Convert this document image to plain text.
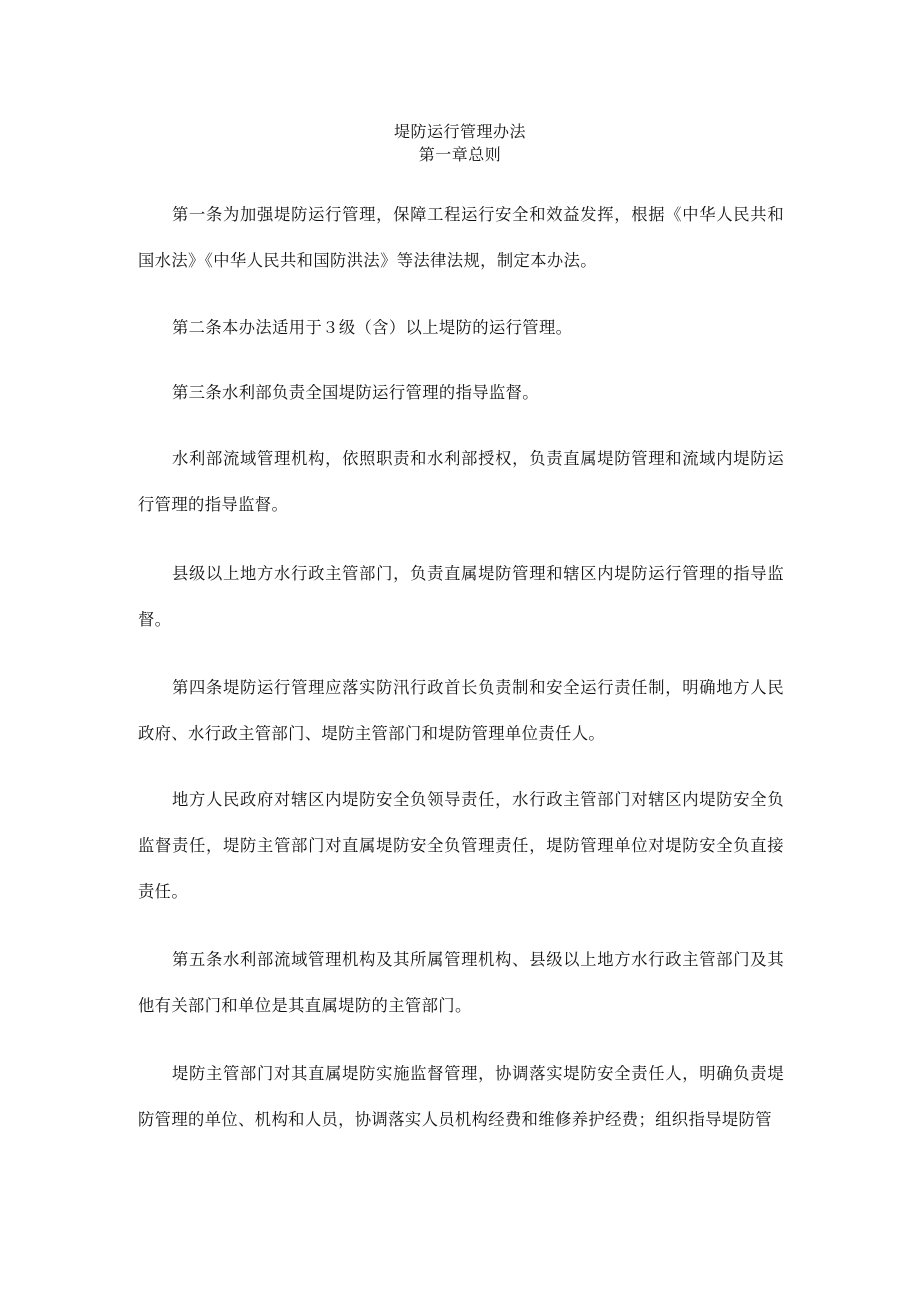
堤防运行管理办法
第一章总则

第一条为加强堤防运行管理，保障工程运行安全和效益发挥，根据《中华人民共和国水法》《中华人民共和国防洪法》等法律法规，制定本办法。

第二条本办法适用于３级（含）以上堤防的运行管理。

第三条水利部负责全国堤防运行管理的指导监督。

水利部流域管理机构，依照职责和水利部授权，负责直属堤防管理和流域内堤防运行管理的指导监督。

县级以上地方水行政主管部门，负责直属堤防管理和辖区内堤防运行管理的指导监督。

第四条堤防运行管理应落实防汛行政首长负责制和安全运行责任制，明确地方人民政府、水行政主管部门、堤防主管部门和堤防管理单位责任人。

地方人民政府对辖区内堤防安全负领导责任，水行政主管部门对辖区内堤防安全负监督责任，堤防主管部门对直属堤防安全负管理责任，堤防管理单位对堤防安全负直接责任。

第五条水利部流域管理机构及其所属管理机构、县级以上地方水行政主管部门及其他有关部门和单位是其直属堤防的主管部门。

堤防主管部门对其直属堤防实施监督管理，协调落实堤防安全责任人，明确负责堤防管理的单位、机构和人员，协调落实人员机构经费和维修养护经费；组织指导堤防管
